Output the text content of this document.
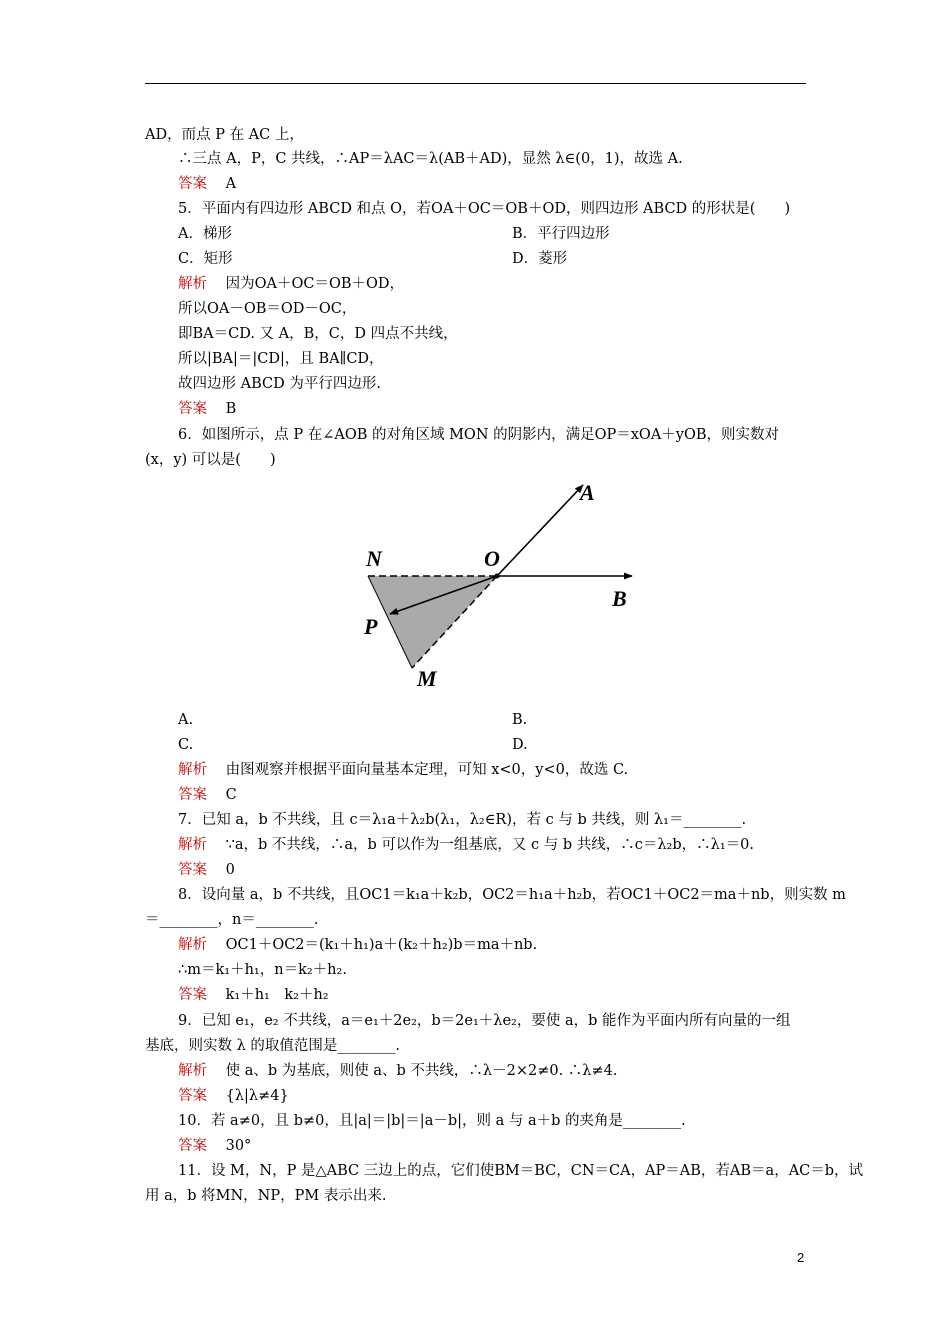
AD，而点 P 在 AC 上，
∴三点 A，P，C 共线，∴AP＝λAC＝λ(AB＋AD)，显然 λ∈(0，1)，故选 A.
答案 A
5．平面内有四边形 ABCD 和点 O，若OA＋OC＝OB＋OD，则四边形 ABCD 的形状是(　　)
A．梯形	B．平行四边形
C．矩形	D．菱形
解析 因为OA＋OC＝OB＋OD，
所以OA－OB＝OD－OC，
即BA＝CD. 又 A，B，C，D 四点不共线，
所以|BA|＝|CD|，且 BA∥CD，
故四边形 ABCD 为平行四边形.
答案 B
6．如图所示，点 P 在∠AOB 的对角区域 MON 的阴影内，满足OP＝xOA＋yOB，则实数对
(x，y) 可以是(　　)
A
O
N
B
P
M
A.	B.
C.	D.
解析 由图观察并根据平面向量基本定理，可知 x<0，y<0，故选 C.
答案 C
7．已知 a，b 不共线，且 c＝λ₁a＋λ₂b(λ₁，λ₂∈R)，若 c 与 b 共线，则 λ₁＝________.
解析 ∵a，b 不共线，∴a，b 可以作为一组基底，又 c 与 b 共线，∴c＝λ₂b，∴λ₁＝0.
答案 0
8．设向量 a，b 不共线，且OC1＝k₁a＋k₂b，OC2＝h₁a＋h₂b，若OC1＋OC2＝ma＋nb，则实数 m
＝________，n＝________.
解析 OC1＋OC2＝(k₁＋h₁)a＋(k₂＋h₂)b＝ma＋nb.
∴m＝k₁＋h₁，n＝k₂＋h₂.
答案 k₁＋h₁　k₂＋h₂
9．已知 e₁，e₂ 不共线，a＝e₁＋2e₂，b＝2e₁＋λe₂，要使 a，b 能作为平面内所有向量的一组
基底，则实数 λ 的取值范围是________.
解析 使 a、b 为基底，则使 a、b 不共线，∴λ－2×2≠0. ∴λ≠4.
答案 {λ|λ≠4}
10．若 a≠0，且 b≠0，且|a|＝|b|＝|a－b|，则 a 与 a＋b 的夹角是________.
答案 30°
11．设 M，N，P 是△ABC 三边上的点，它们使BM＝BC，CN＝CA，AP＝AB，若AB＝a，AC＝b，试
用 a，b 将MN，NP，PM 表示出来.
2
